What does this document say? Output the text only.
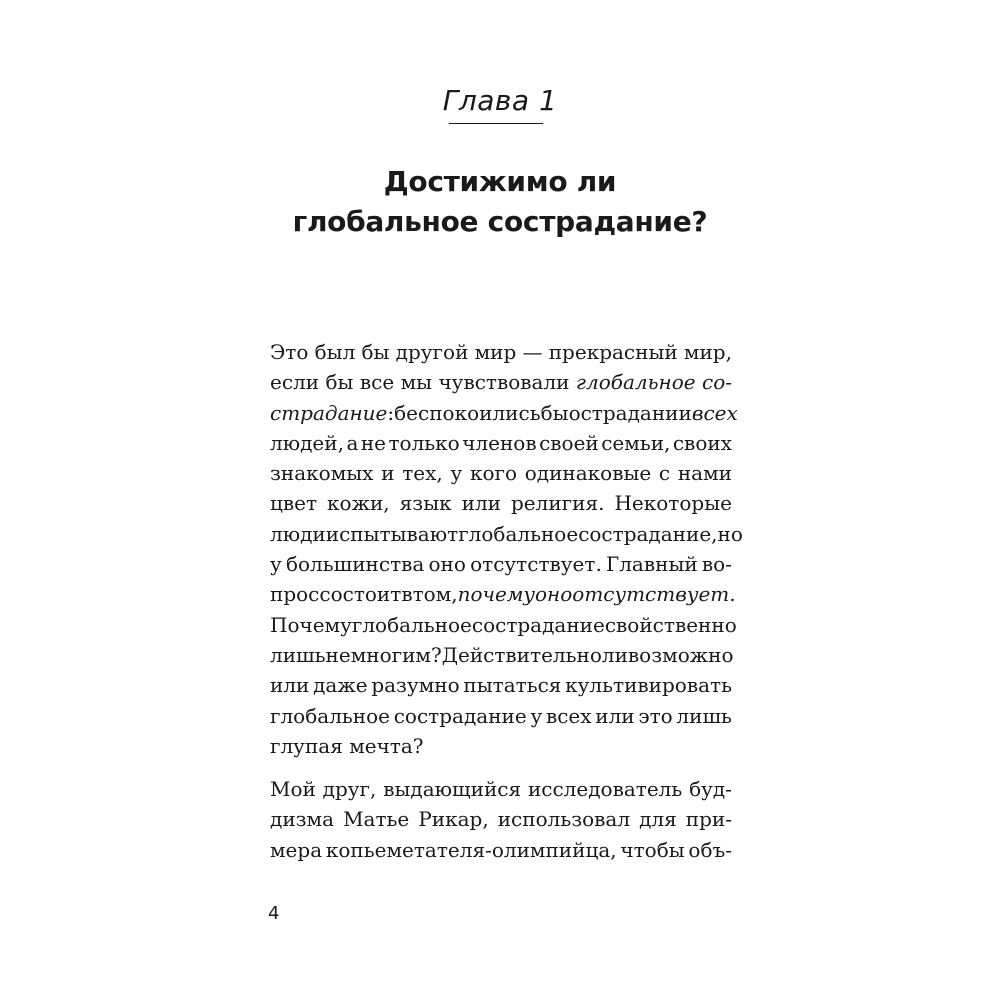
Глава 1
Достижимо ли
глобальное сострадание?
Это был бы другой мир — прекрасный мир,
если бы все мы чувствовали глобальное со-
страдание: беспокоились бы о страдании всех
людей, а не только членов своей семьи, своих
знакомых и тех, у кого одинаковые с нами
цвет кожи, язык или религия. Некоторые
люди испытывают глобальное сострадание, но
у большинства оно отсутствует. Главный во-
прос состоит в том, почему оно отсутствует.
Почему глобальное сострадание свойственно
лишь немногим? Действительно ли возможно
или даже разумно пытаться культивировать
глобальное сострадание у всех или это лишь
глупая мечта?
Мой друг, выдающийся исследователь буд-
дизма Матье Рикар, использовал для при-
мера копьеметателя-олимпийца, чтобы объ-
4
